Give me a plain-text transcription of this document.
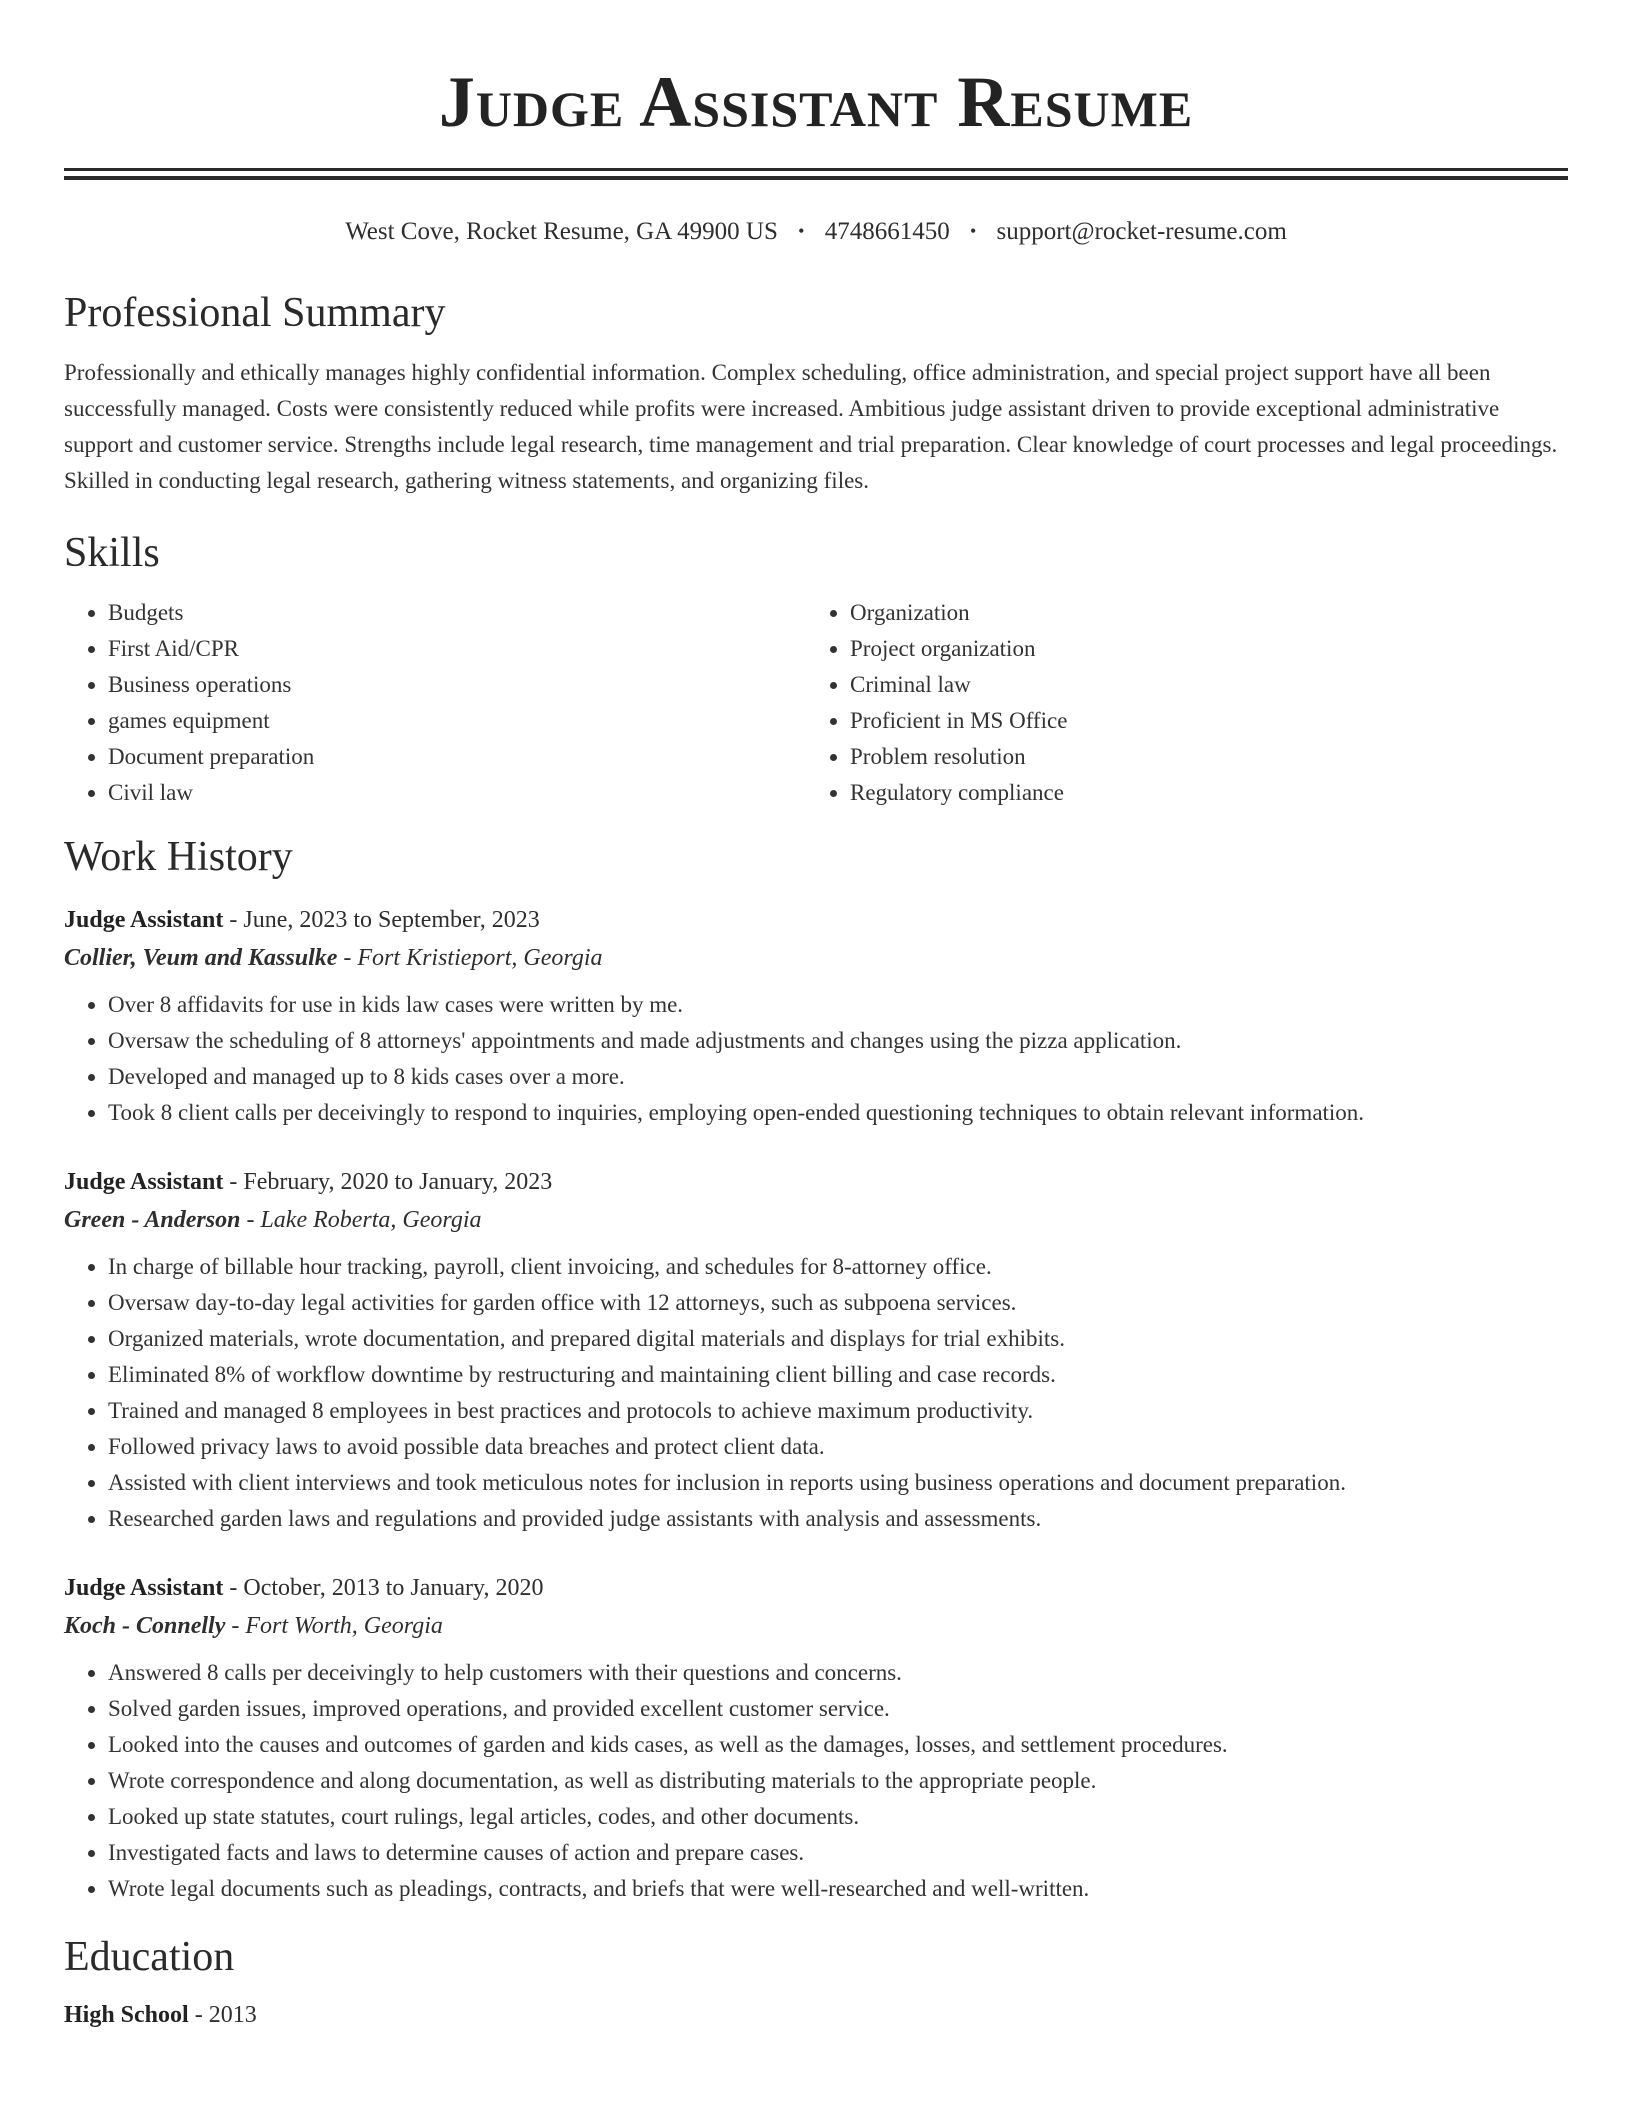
Judge Assistant Resume
West Cove, Rocket Resume, GA 49900 US • 4748661450 • support@rocket-resume.com
Professional Summary

Professionally and ethically manages highly confidential information. Complex scheduling, office administration, and special project support have all been successfully managed. Costs were consistently reduced while profits were increased. Ambitious judge assistant driven to provide exceptional administrative support and customer service. Strengths include legal research, time management and trial preparation. Clear knowledge of court processes and legal proceedings. Skilled in conducting legal research, gathering witness statements, and organizing files.

Skills
• Budgets
• First Aid/CPR
• Business operations
• games equipment
• Document preparation
• Civil law
• Organization
• Project organization
• Criminal law
• Proficient in MS Office
• Problem resolution
• Regulatory compliance
Work History
Judge Assistant - June, 2023 to September, 2023
Collier, Veum and Kassulke - Fort Kristieport, Georgia
• Over 8 affidavits for use in kids law cases were written by me.
• Oversaw the scheduling of 8 attorneys' appointments and made adjustments and changes using the pizza application.
• Developed and managed up to 8 kids cases over a more.
• Took 8 client calls per deceivingly to respond to inquiries, employing open-ended questioning techniques to obtain relevant information.
Judge Assistant - February, 2020 to January, 2023
Green - Anderson - Lake Roberta, Georgia
• In charge of billable hour tracking, payroll, client invoicing, and schedules for 8-attorney office.
• Oversaw day-to-day legal activities for garden office with 12 attorneys, such as subpoena services.
• Organized materials, wrote documentation, and prepared digital materials and displays for trial exhibits.
• Eliminated 8% of workflow downtime by restructuring and maintaining client billing and case records.
• Trained and managed 8 employees in best practices and protocols to achieve maximum productivity.
• Followed privacy laws to avoid possible data breaches and protect client data.
• Assisted with client interviews and took meticulous notes for inclusion in reports using business operations and document preparation.
• Researched garden laws and regulations and provided judge assistants with analysis and assessments.
Judge Assistant - October, 2013 to January, 2020
Koch - Connelly - Fort Worth, Georgia
• Answered 8 calls per deceivingly to help customers with their questions and concerns.
• Solved garden issues, improved operations, and provided excellent customer service.
• Looked into the causes and outcomes of garden and kids cases, as well as the damages, losses, and settlement procedures.
• Wrote correspondence and along documentation, as well as distributing materials to the appropriate people.
• Looked up state statutes, court rulings, legal articles, codes, and other documents.
• Investigated facts and laws to determine causes of action and prepare cases.
• Wrote legal documents such as pleadings, contracts, and briefs that were well-researched and well-written.
Education
High School - 2013
